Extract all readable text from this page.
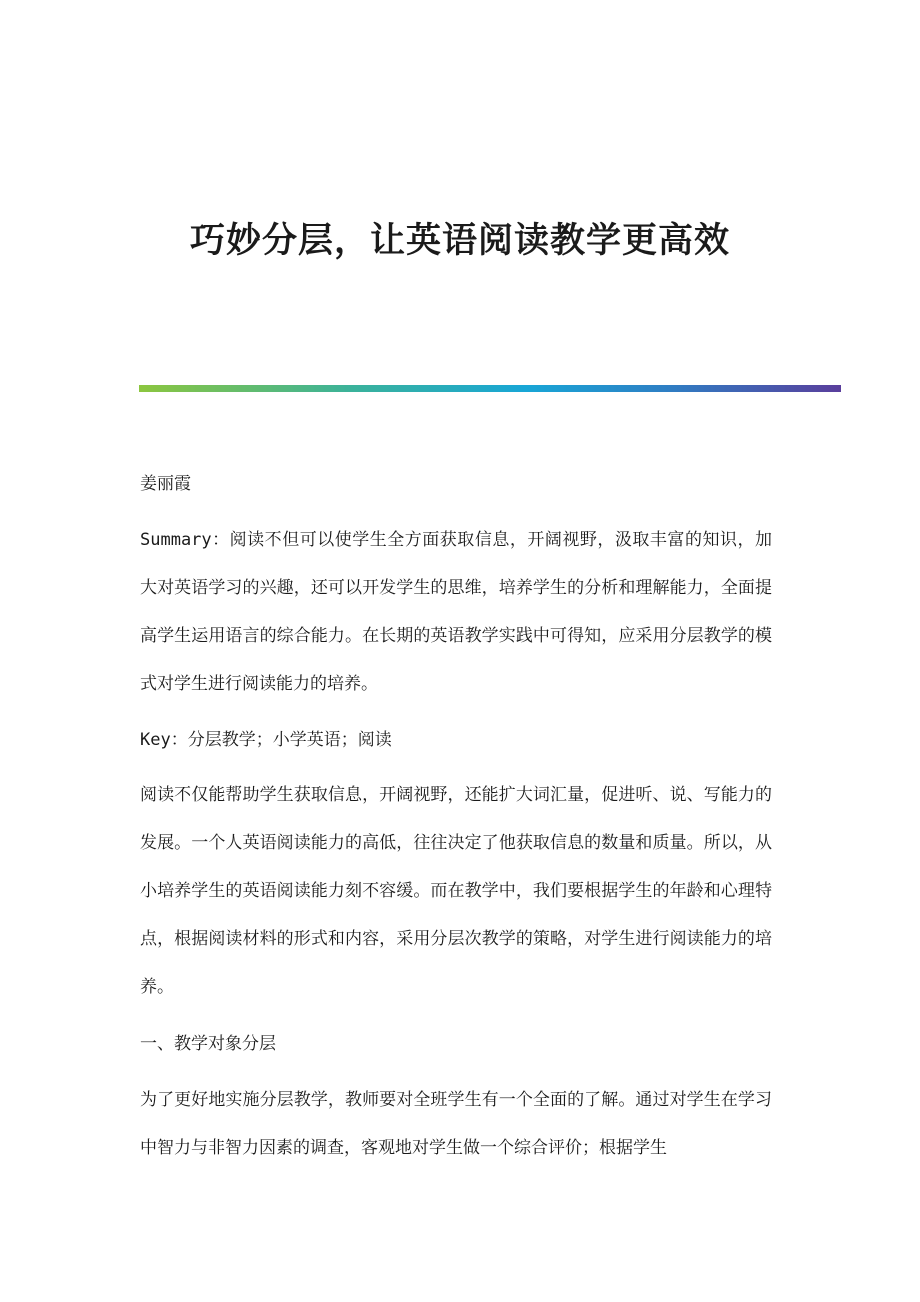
巧妙分层，让英语阅读教学更高效

姜丽霞

Summary：阅读不但可以使学生全方面获取信息，开阔视野，汲取丰富的知识，加大对英语学习的兴趣，还可以开发学生的思维，培养学生的分析和理解能力，全面提高学生运用语言的综合能力。在长期的英语教学实践中可得知，应采用分层教学的模式对学生进行阅读能力的培养。

Key：分层教学；小学英语；阅读

阅读不仅能帮助学生获取信息，开阔视野，还能扩大词汇量，促进听、说、写能力的发展。一个人英语阅读能力的高低，往往决定了他获取信息的数量和质量。所以，从小培养学生的英语阅读能力刻不容缓。而在教学中，我们要根据学生的年龄和心理特点，根据阅读材料的形式和内容，采用分层次教学的策略，对学生进行阅读能力的培养。

一、教学对象分层

为了更好地实施分层教学，教师要对全班学生有一个全面的了解。通过对学生在学习中智力与非智力因素的调查，客观地对学生做一个综合评价；根据学生
